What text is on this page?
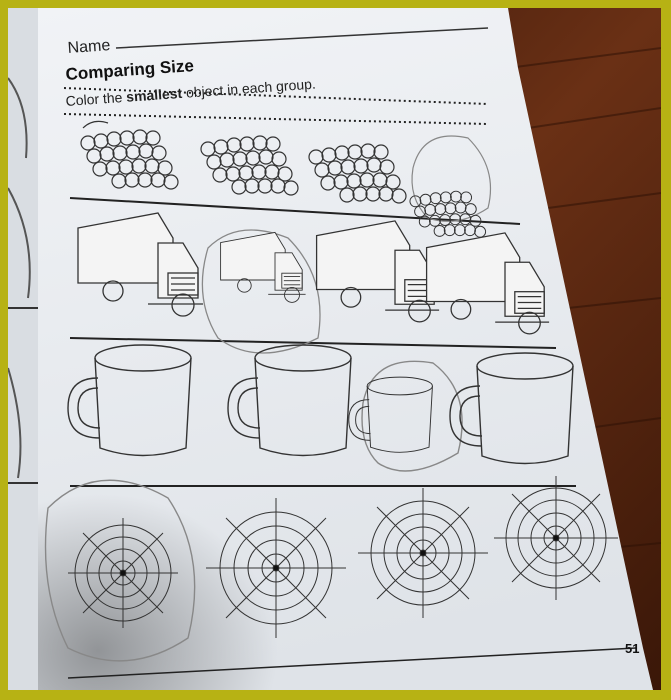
Name
Comparing Size
Color the smallest object in each group.
51
